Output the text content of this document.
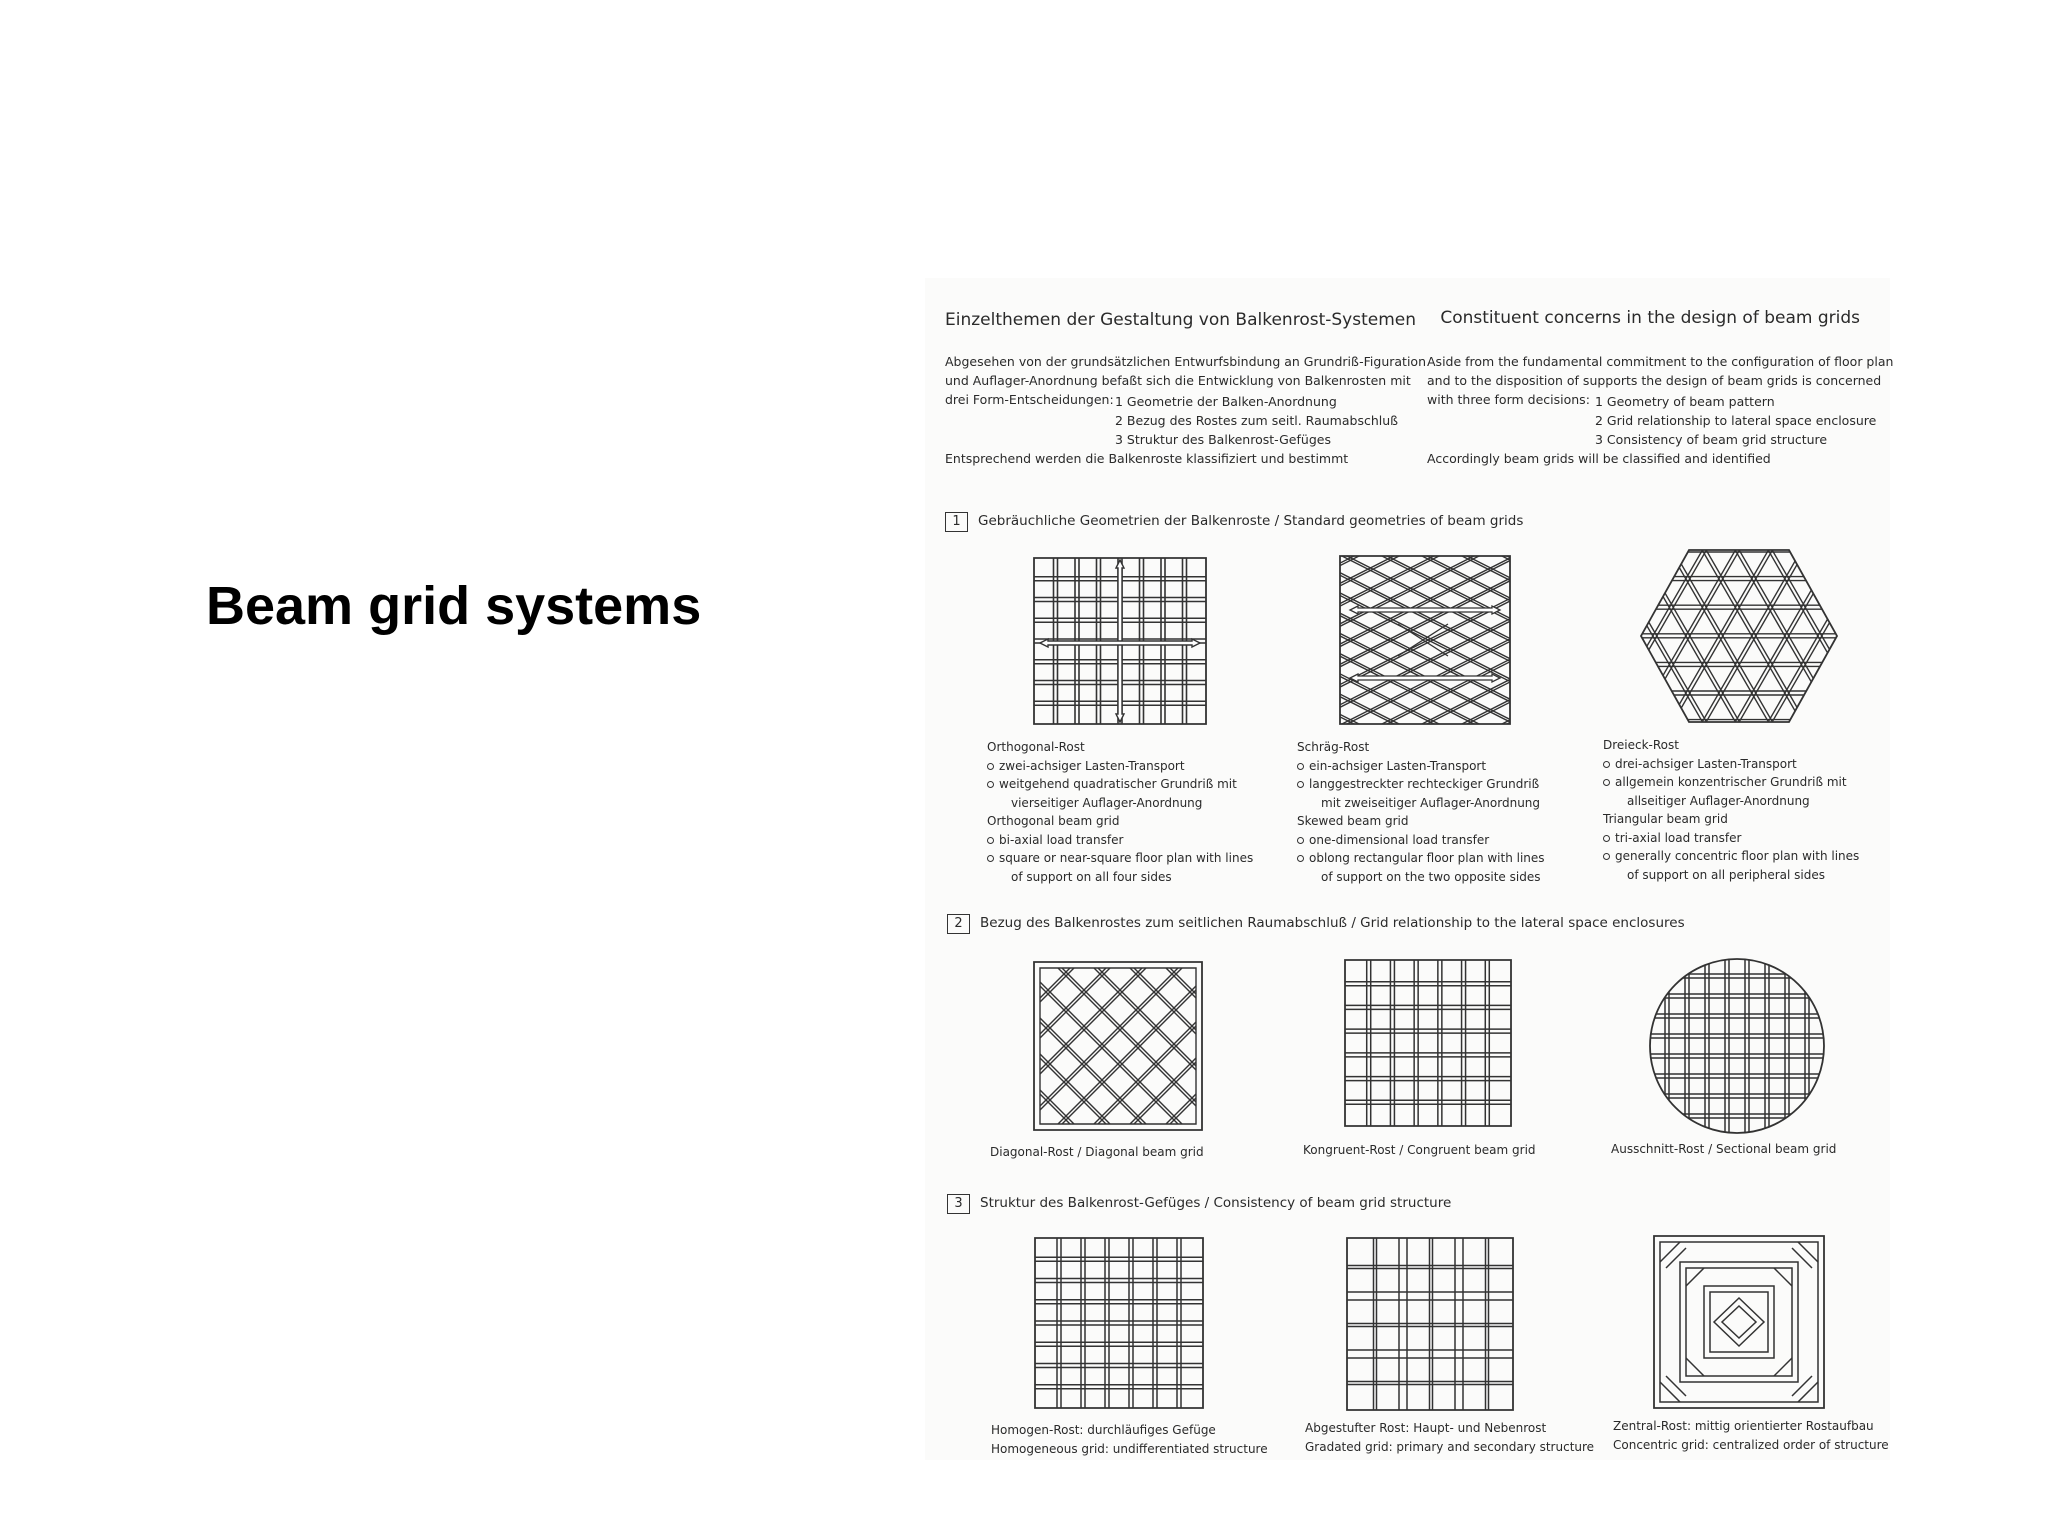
Beam grid systems
Einzelthemen der Gestaltung von Balkenrost-Systemen Constituent concerns in the design of beam grids
Abgesehen von der grundsätzlichen Entwurfsbindung an Grundriß-Figuration
und Auflager-Anordnung befaßt sich die Entwicklung von Balkenrosten mit
drei Form-Entscheidungen: 1 Geometrie der Balken-Anordnung
2 Bezug des Rostes zum seitl. Raumabschluß
3 Struktur des Balkenrost-Gefüges
Entsprechend werden die Balkenroste klassifiziert und bestimmt
Aside from the fundamental commitment to the configuration of floor plan
and to the disposition of supports the design of beam grids is concerned
with three form decisions: 1 Geometry of beam pattern
2 Grid relationship to lateral space enclosure
3 Consistency of beam grid structure
Accordingly beam grids will be classified and identified
1	Gebräuchliche Geometrien der Balkenroste / Standard geometries of beam grids
Orthogonal-Rost
zwei-achsiger Lasten-Transport
weitgehend quadratischer Grundriß mit
vierseitiger Auflager-Anordnung
Orthogonal beam grid
bi-axial load transfer
square or near-square floor plan with lines
of support on all four sides
Schräg-Rost
ein-achsiger Lasten-Transport
langgestreckter rechteckiger Grundriß
mit zweiseitiger Auflager-Anordnung
Skewed beam grid
one-dimensional load transfer
oblong rectangular floor plan with lines
of support on the two opposite sides
Dreieck-Rost
drei-achsiger Lasten-Transport
allgemein konzentrischer Grundriß mit
allseitiger Auflager-Anordnung
Triangular beam grid
tri-axial load transfer
generally concentric floor plan with lines
of support on all peripheral sides
2	Bezug des Balkenrostes zum seitlichen Raumabschluß / Grid relationship to the lateral space enclosures
Diagonal-Rost / Diagonal beam grid	Kongruent-Rost / Congruent beam grid	Ausschnitt-Rost / Sectional beam grid
3	Struktur des Balkenrost-Gefüges / Consistency of beam grid structure
Homogen-Rost: durchläufiges Gefüge
Homogeneous grid: undifferentiated structure
Abgestufter Rost: Haupt- und Nebenrost
Gradated grid: primary and secondary structure
Zentral-Rost: mittig orientierter Rostaufbau
Concentric grid: centralized order of structure
